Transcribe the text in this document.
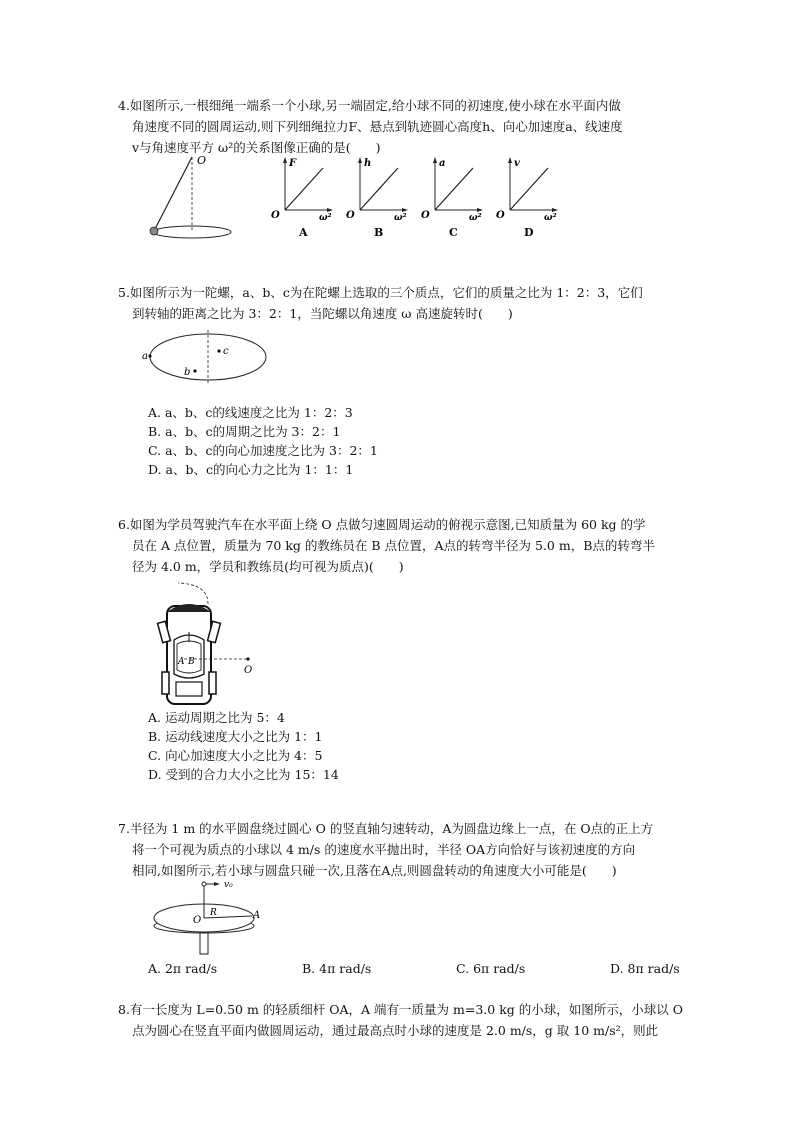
4.如图所示,一根细绳一端系一个小球,另一端固定,给小球不同的初速度,使小球在水平面内做
角速度不同的圆周运动,则下列细绳拉力F、悬点到轨迹圆心高度h、向心加速度a、线速度
v与角速度平方 ω²的关系图像正确的是(　　)
O	F
O	ω²
A
h
O	ω²
B
a
O	ω²
C
v
O	ω²
D
5.如图所示为一陀螺，a、b、c为在陀螺上选取的三个质点，它们的质量之比为 1：2：3，它们
到转轴的距离之比为 3：2：1，当陀螺以角速度 ω 高速旋转时(　　)
a	c
b
A. a、b、c的线速度之比为 1：2：3
B. a、b、c的周期之比为 3：2：1
C. a、b、c的向心加速度之比为 3：2：1
D. a、b、c的向心力之比为 1：1：1
6.如图为学员驾驶汽车在水平面上绕 O 点做匀速圆周运动的俯视示意图,已知质量为 60 kg 的学
员在 A 点位置，质量为 70 kg 的教练员在 B 点位置，A点的转弯半径为 5.0 m，B点的转弯半
径为 4.0 m，学员和教练员(均可视为质点)(　　)
A B
O
A. 运动周期之比为 5：4
B. 运动线速度大小之比为 1：1
C. 向心加速度大小之比为 4：5
D. 受到的合力大小之比为 15：14
7.半径为 1 m 的水平圆盘绕过圆心 O 的竖直轴匀速转动，A为圆盘边缘上一点，在 O点的正上方
将一个可视为质点的小球以 4 m/s 的速度水平抛出时，半径 OA方向恰好与该初速度的方向
相同,如图所示,若小球与圆盘只碰一次,且落在A点,则圆盘转动的角速度大小可能是(　　)
v₀
O
R	A
A. 2π rad/s	B. 4π rad/s	C. 6π rad/s	D. 8π rad/s
8.有一长度为 L=0.50 m 的轻质细杆 OA，A 端有一质量为 m=3.0 kg 的小球，如图所示，小球以 O
点为圆心在竖直平面内做圆周运动，通过最高点时小球的速度是 2.0 m/s，g 取 10 m/s²，则此
